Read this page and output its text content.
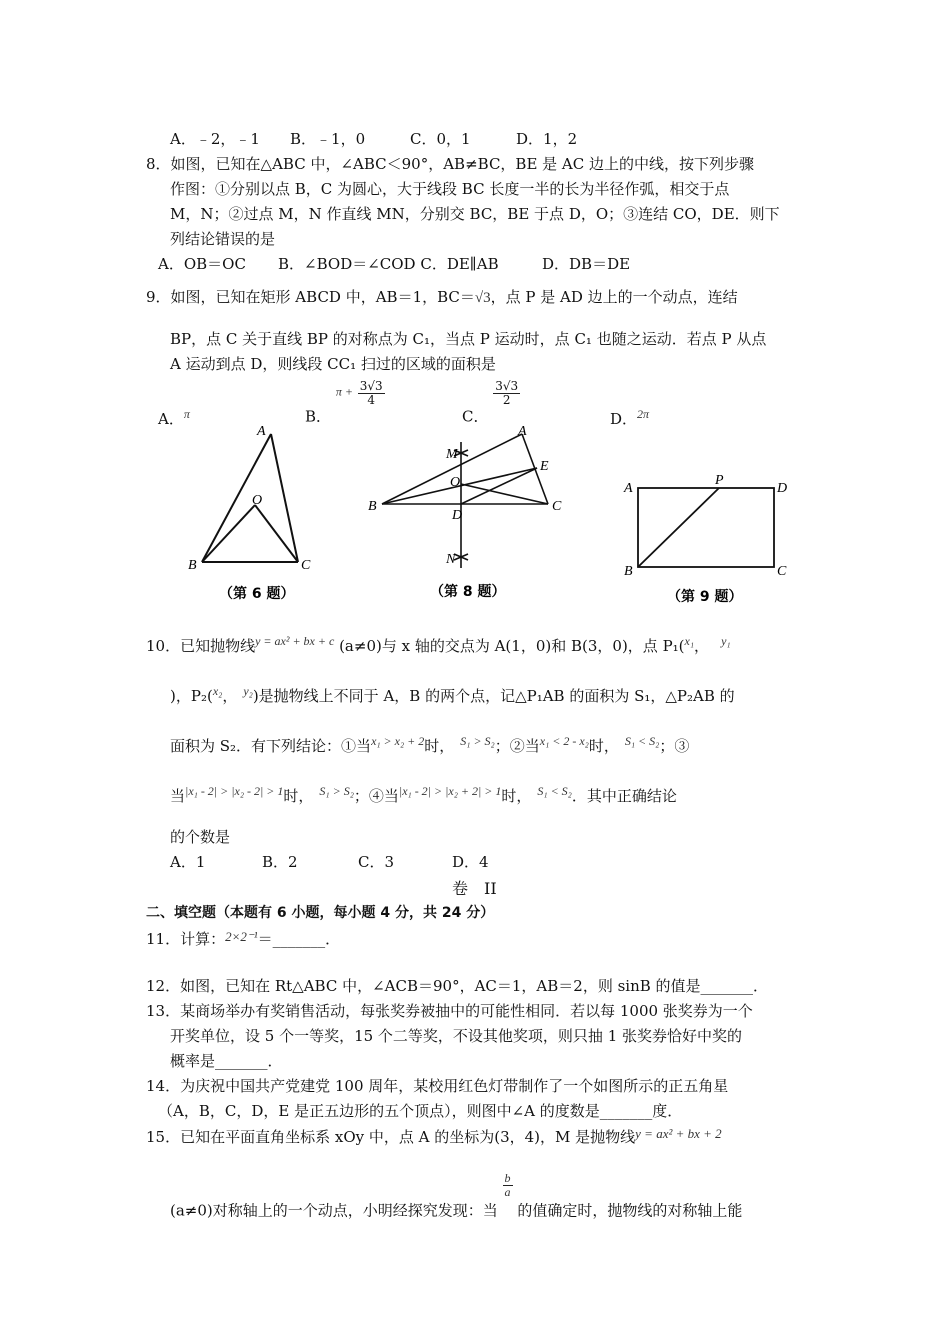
A．﹣2，﹣1 B．﹣1，0	C．0，1	D．1，2
8．如图，已知在△ABC 中，∠ABC＜90°，AB≠BC，BE 是 AC 边上的中线，按下列步骤
作图：①分别以点 B，C 为圆心，大于线段 BC 长度一半的长为半径作弧，相交于点
M，N；②过点 M，N 作直线 MN，分别交 BC，BE 于点 D，O；③连结 CO，DE．则下
列结论错误的是
A．OB＝OC B．∠BOD＝∠COD C．DE∥AB	D．DB＝DE
9．如图，已知在矩形 ABCD 中，AB＝1，BC＝√3，点 P 是 AD 边上的一个动点，连结
BP，点 C 关于直线 BP 的对称点为 C₁，当点 P 运动时，点 C₁ 也随之运动．若点 P 从点
A 运动到点 D，则线段 CC₁ 扫过的区域的面积是
A．$^\pi$	B． $^{\pi +} \frac{3√3}{4}$
C．
$\frac{3√3}{2}$
D．$^{2\pi}$
A
O
B	C
（第 6 题）
A
M
E
O
B
D
C
N
（第 8 题）
A
P
D
B	C
（第 9 题）
10．已知抛物线$^{y = ax^2 + bx + c}$ (a≠0)与 x 轴的交点为 A(1，0)和 B(3，0)，点 P₁($^{x_1}$， $^{y_1}$
)，P₂($^{x_2}$， $^{y_2}$)是抛物线上不同于 A，B 的两个点，记△P₁AB 的面积为 S₁，△P₂AB 的
面积为 S₂．有下列结论：①当$^{x_1 > x_2 + 2}$时， $^{S_1 > S_2}$；②当$^{x_1 < 2 - x_2}$时， $^{S_1 < S_2}$；③
当$^{|x_1 - 2| > |x_2 - 2| > 1}$时， $^{S_1 > S_2}$；④当$^{|x_1 - 2| > |x_2 + 2| > 1}$时， $^{S_1 < S_2}$．其中正确结论
的个数是
A．1	B．2	C．3	D．4
卷　II
二、填空题（本题有 6 小题，每小题 4 分，共 24 分）
11．计算：2×2⁻¹＝_______．
12．如图，已知在 Rt△ABC 中，∠ACB＝90°，AC＝1，AB＝2，则 sinB 的值是_______．
13．某商场举办有奖销售活动，每张奖券被抽中的可能性相同．若以每 1000 张奖券为一个
开奖单位，设 5 个一等奖，15 个二等奖，不设其他奖项，则只抽 1 张奖券恰好中奖的
概率是_______．
14．为庆祝中国共产党建党 100 周年，某校用红色灯带制作了一个如图所示的正五角星
（A，B，C，D，E 是正五边形的五个顶点），则图中∠A 的度数是_______度．
15．已知在平面直角坐标系 xOy 中，点 A 的坐标为(3，4)，M 是抛物线y = ax² + bx + 2
(a≠0)对称轴上的一个动点，小明经探究发现：当
$\frac{b}{a}$
的值确定时，抛物线的对称轴上能
